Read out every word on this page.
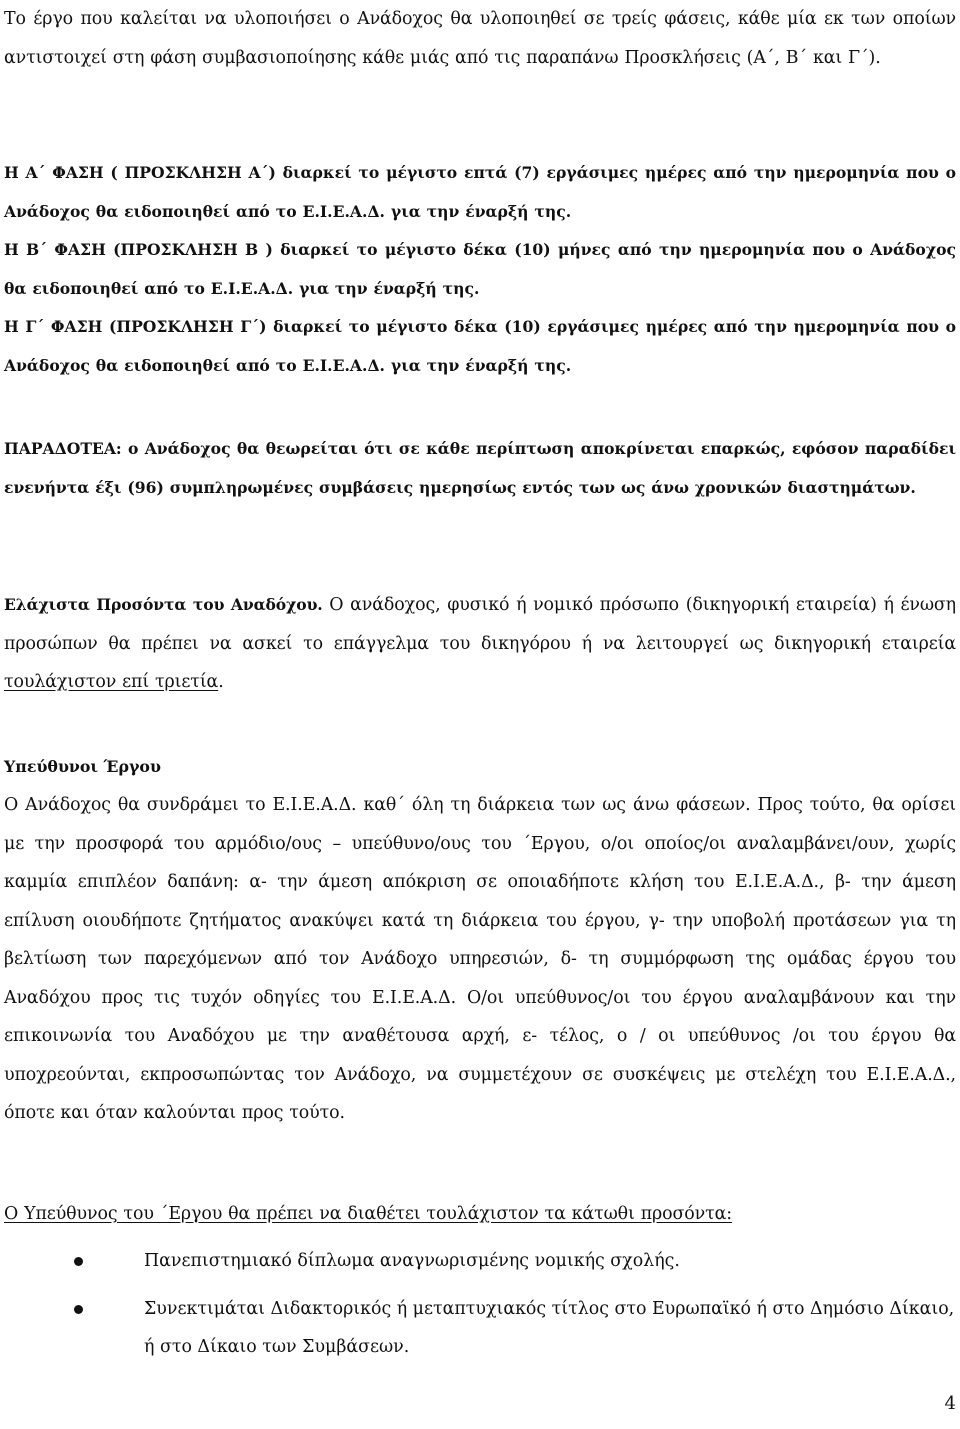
Το έργο που καλείται να υλοποιήσει ο Ανάδοχος θα υλοποιηθεί σε τρείς φάσεις, κάθε μία εκ των οποίων αντιστοιχεί στη φάση συμβασιοποίησης κάθε μιάς από τις παραπάνω Προσκλήσεις (Α΄, Β΄ και Γ΄).

Η Α΄ ΦΑΣΗ ( ΠΡΟΣΚΛΗΣΗ Α΄) διαρκεί το μέγιστο επτά (7) εργάσιμες ημέρες από την ημερομηνία που ο Ανάδοχος θα ειδοποιηθεί από το Ε.Ι.Ε.Α.Δ. για την έναρξή της.

Η Β΄ ΦΑΣΗ (ΠΡΟΣΚΛΗΣΗ Β ) διαρκεί το μέγιστο δέκα (10) μήνες από την ημερομηνία που ο Ανάδοχος θα ειδοποιηθεί από το Ε.Ι.Ε.Α.Δ. για την έναρξή της.

Η Γ΄ ΦΑΣΗ (ΠΡΟΣΚΛΗΣΗ Γ΄) διαρκεί το μέγιστο δέκα (10) εργάσιμες ημέρες από την ημερομηνία που ο Ανάδοχος θα ειδοποιηθεί από το Ε.Ι.Ε.Α.Δ. για την έναρξή της.

ΠΑΡΑΔΟΤΕΑ: ο Ανάδοχος θα θεωρείται ότι σε κάθε περίπτωση αποκρίνεται επαρκώς, εφόσον παραδίδει ενενήντα έξι (96) συμπληρωμένες συμβάσεις ημερησίως εντός των ως άνω χρονικών διαστημάτων.

Ελάχιστα Προσόντα του Αναδόχου. Ο ανάδοχος, φυσικό ή νομικό πρόσωπο (δικηγορική εταιρεία) ή ένωση προσώπων θα πρέπει να ασκεί το επάγγελμα του δικηγόρου ή να λειτουργεί ως δικηγορική εταιρεία τουλάχιστον επί τριετία.

Υπεύθυνοι Έργου

Ο Ανάδοχος θα συνδράμει το Ε.Ι.Ε.Α.Δ. καθ΄ όλη τη διάρκεια των ως άνω φάσεων. Προς τούτο, θα ορίσει με την προσφορά του αρμόδιο/ους – υπεύθυνο/ους του ΄Εργου, ο/οι οποίος/οι αναλαμβάνει/ουν, χωρίς καμμία επιπλέον δαπάνη: α- την άμεση απόκριση σε οποιαδήποτε κλήση του Ε.Ι.Ε.Α.Δ., β- την άμεση επίλυση οιουδήποτε ζητήματος ανακύψει κατά τη διάρκεια του έργου, γ- την υποβολή προτάσεων για τη βελτίωση των παρεχόμενων από τον Ανάδοχο υπηρεσιών, δ- τη συμμόρφωση της ομάδας έργου του Αναδόχου προς τις τυχόν οδηγίες του Ε.Ι.Ε.Α.Δ. Ο/οι υπεύθυνος/οι του έργου αναλαμβάνουν και την επικοινωνία του Αναδόχου με την αναθέτουσα αρχή, ε- τέλος, ο / οι υπεύθυνος /οι του έργου θα υποχρεούνται, εκπροσωπώντας τον Ανάδοχο, να συμμετέχουν σε συσκέψεις με στελέχη του Ε.Ι.Ε.Α.Δ., όποτε και όταν καλούνται προς τούτο.

Ο Υπεύθυνος του ΄Εργου θα πρέπει να διαθέτει τουλάχιστον τα κάτωθι προσόντα:

Πανεπιστημιακό δίπλωμα αναγνωρισμένης νομικής σχολής.
Συνεκτιμάται Διδακτορικός ή μεταπτυχιακός τίτλος στο Ευρωπαϊκό ή στο Δημόσιο Δίκαιο, ή στο Δίκαιο των Συμβάσεων.
4
